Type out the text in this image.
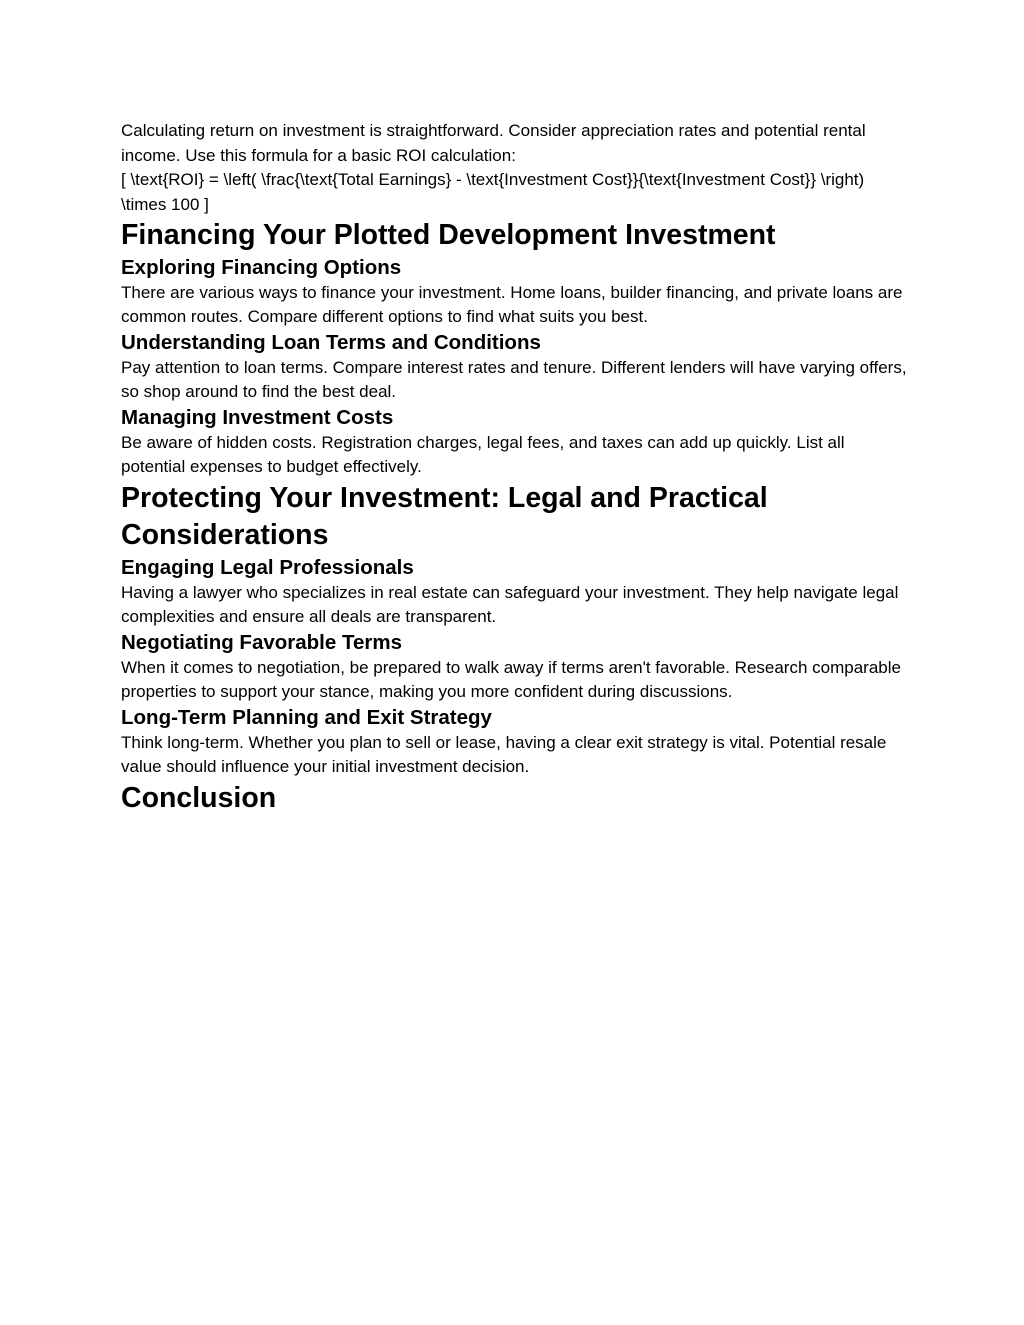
Calculating return on investment is straightforward. Consider appreciation rates and potential rental income. Use this formula for a basic ROI calculation:

[ \text{ROI} = \left( \frac{\text{Total Earnings} - \text{Investment Cost}}{\text{Investment Cost}} \right) \times 100 ]

Financing Your Plotted Development Investment
Exploring Financing Options

There are various ways to finance your investment. Home loans, builder financing, and private loans are common routes. Compare different options to find what suits you best.

Understanding Loan Terms and Conditions

Pay attention to loan terms. Compare interest rates and tenure. Different lenders will have varying offers, so shop around to find the best deal.

Managing Investment Costs

Be aware of hidden costs. Registration charges, legal fees, and taxes can add up quickly. List all potential expenses to budget effectively.

Protecting Your Investment: Legal and Practical Considerations
Engaging Legal Professionals

Having a lawyer who specializes in real estate can safeguard your investment. They help navigate legal complexities and ensure all deals are transparent.

Negotiating Favorable Terms

When it comes to negotiation, be prepared to walk away if terms aren't favorable. Research comparable properties to support your stance, making you more confident during discussions.

Long-Term Planning and Exit Strategy

Think long-term. Whether you plan to sell or lease, having a clear exit strategy is vital. Potential resale value should influence your initial investment decision.

Conclusion
